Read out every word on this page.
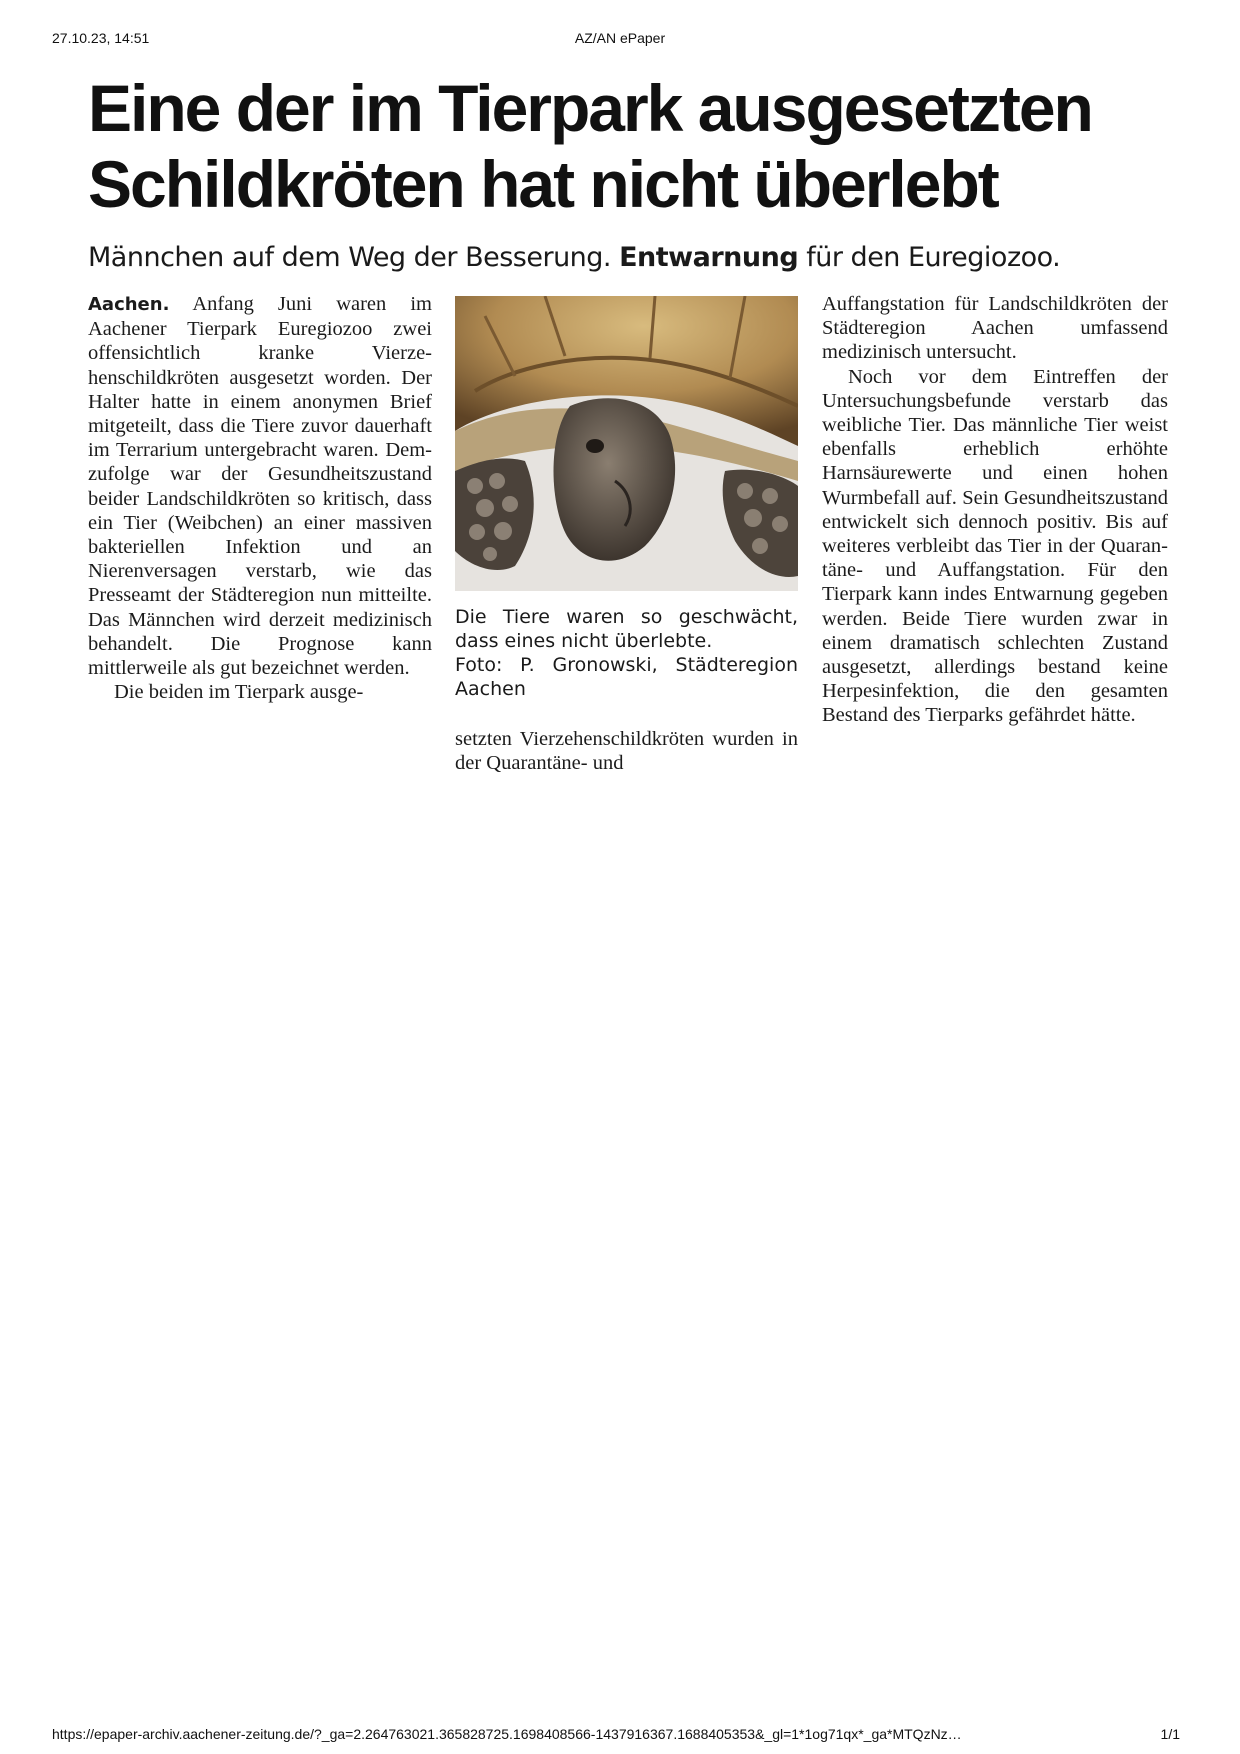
27.10.23, 14:51	AZ/AN ePaper
Eine der im Tierpark ausgesetzten
Schildkröten hat nicht überlebt
Männchen auf dem Weg der Besserung. Entwarnung für den Euregiozoo.

Aachen. Anfang Juni waren im Aachener Tierpark Euregiozoo zwei offensichtlich kranke Vierzehenschildkröten ausgesetzt worden. Der Halter hatte in einem anonymen Brief mitgeteilt, dass die Tiere zuvor dauerhaft im Terrarium untergebracht waren. Demzufolge war der Gesundheitszustand beider Landschildkröten so kritisch, dass ein Tier (Weibchen) an einer massiven bakteriellen Infektion und an Nierenversagen verstarb, wie das Presseamt der Städteregion nun mitteilte. Das Männchen wird derzeit medizinisch behandelt. Die Prognose kann mittlerweile als gut bezeichnet werden.

Die beiden im Tierpark ausge-

Die Tiere waren so geschwächt, dass eines nicht überlebte.

Foto: P. Gronowski, Städteregion Aachen

setzten Vierzehenschildkröten wurden in der Quarantäne- und

Auffangstation für Landschildkröten der Städteregion Aachen umfassend medizinisch untersucht.

Noch vor dem Eintreffen der Untersuchungsbefunde verstarb das weibliche Tier. Das männliche Tier weist ebenfalls erheblich erhöhte Harnsäurewerte und einen hohen Wurmbefall auf. Sein Gesundheitszustand entwickelt sich dennoch positiv. Bis auf weiteres verbleibt das Tier in der Quarantäne- und Auffangstation. Für den Tierpark kann indes Entwarnung gegeben werden. Beide Tiere wurden zwar in einem dramatisch schlechten Zustand ausgesetzt, allerdings bestand keine Herpesinfektion, die den gesamten Bestand des Tierparks gefährdet hätte.

https://epaper-archiv.aachener-zeitung.de/?_ga=2.264763021.365828725.1698408566-1437916367.1688405353&_gl=1*1og71qx*_ga*MTQzNz…	1/1
